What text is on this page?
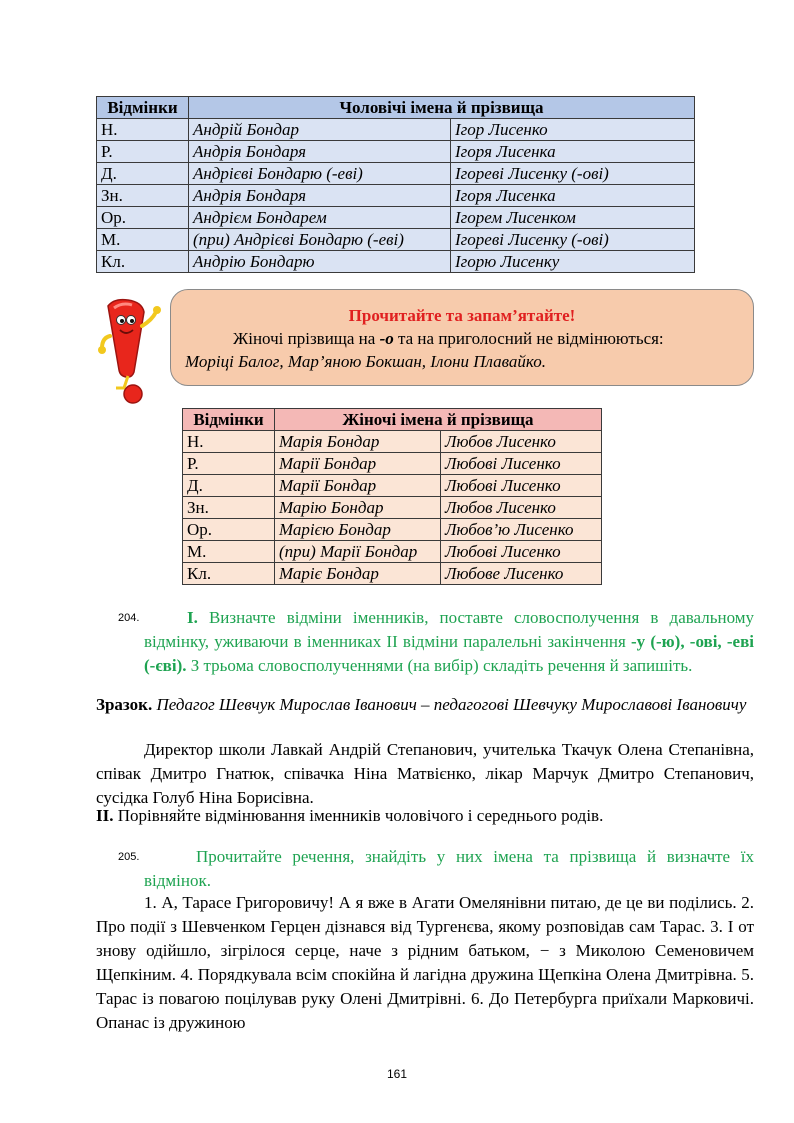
Відмінки	Чоловічі імена й прізвища	
Н.	Андрій Бондар	Ігор Лисенко
Р.	Андрія Бондаря	Ігоря Лисенка
Д.	Андрієві Бондарю (-еві)	Ігореві Лисенку (-ові)
Зн.	Андрія Бондаря	Ігоря Лисенка
Ор.	Андрієм Бондарем	Ігорем Лисенком
М.	(при) Андрієві Бондарю (-еві)	Ігореві Лисенку (-ові)
Кл.	Андрію Бондарю	Ігорю Лисенку
Прочитайте та запам’ятайте!
Жіночі прізвища на -о та на приголосний не відмінюються:
Моріці Балог, Мар’яною Бокшан, Ілони Плавайко.
Відмінки	Жіночі імена й прізвища	
Н.	Марія Бондар	Любов Лисенко
Р.	Марії Бондар	Любові Лисенко
Д.	Марії Бондар	Любові Лисенко
Зн.	Марію Бондар	Любов Лисенко
Ор.	Марією Бондар	Любов’ю Лисенко
М.	(при) Марії Бондар	Любові Лисенко
Кл.	Маріє Бондар	Любове Лисенко
204.	I. Визначте відміни іменників, поставте словосполучення в давальному відмінку, уживаючи в іменниках II відміни паралельні закінчення -у (-ю), -ові, -еві (-єві). З трьома словосполученнями (на вибір) складіть речення й запишіть.
Зразок. Педагог Шевчук Мирослав Іванович – педагогові Шевчуку Мирославові Івановичу
Директор школи Лавкай Андрій Степанович, учителька Ткачук Олена Степанівна, співак Дмитро Гнатюк, співачка Ніна Матвієнко, лікар Марчук Дмитро Степанович, сусідка Голуб Ніна Борисівна.
II. Порівняйте відмінювання іменників чоловічого і середнього родів.
205.	Прочитайте речення, знайдіть у них імена та прізвища й визначте їх відмінок.
1. А, Тарасе Григоровичу! А я вже в Агати Омелянівни питаю, де це ви поділись. 2. Про події з Шевченком Герцен дізнався від Тургенєва, якому розповідав сам Тарас. 3. І от знову одійшло, зігрілося серце, наче з рідним батьком, − з Миколою Семеновичем Щепкіним. 4. Порядкувала всім спокійна й лагідна дружина Щепкіна Олена Дмитрівна. 5. Тарас із повагою поцілував руку Олені Дмитрівні. 6. До Петербурга приїхали Марковичі. Опанас із дружиною
161
